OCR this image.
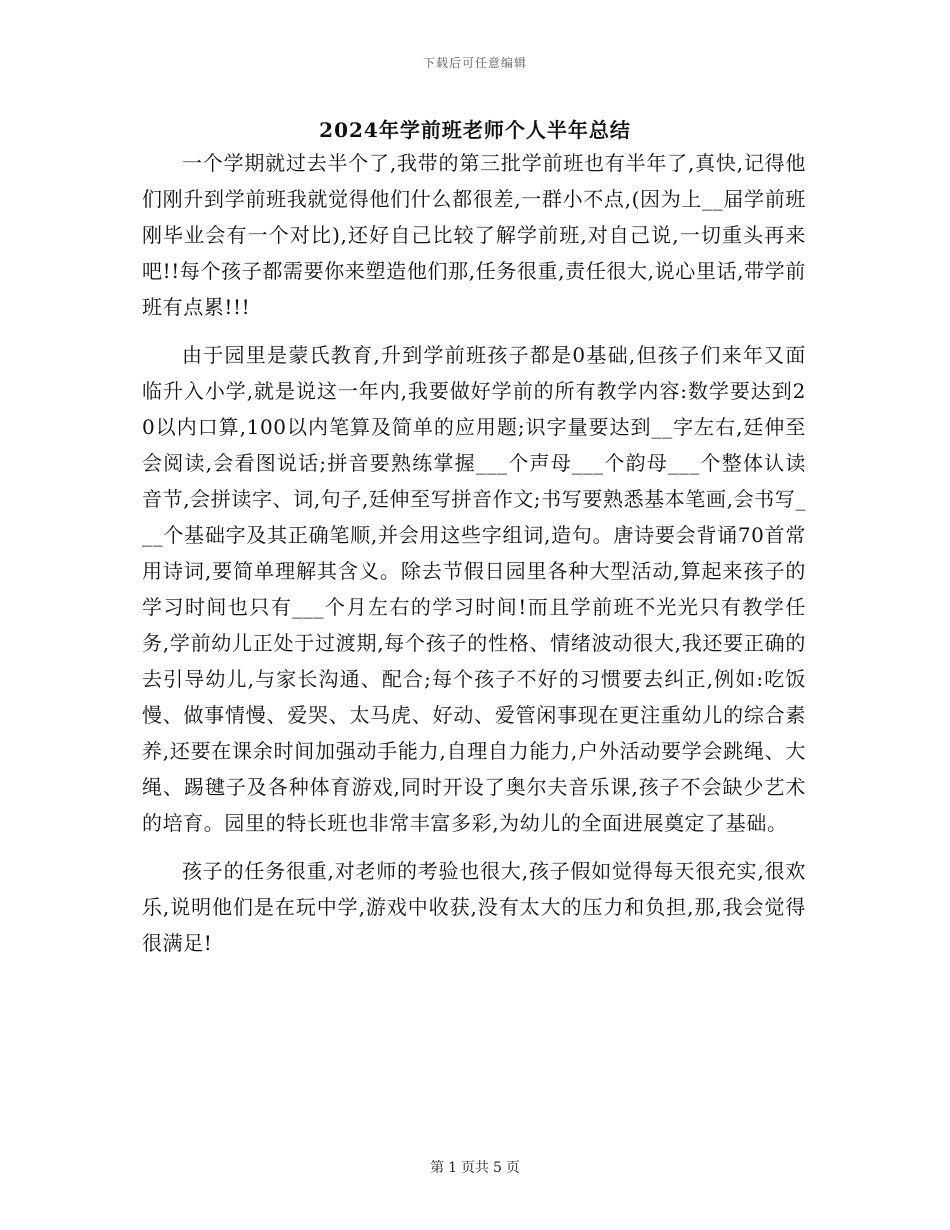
下载后可任意编辑
2024年学前班老师个人半年总结

一个学期就过去半个了,我带的第三批学前班也有半年了,真快,记得他们刚升到学前班我就觉得他们什么都很差,一群小不点,(因为上__届学前班刚毕业会有一个对比),还好自己比较了解学前班,对自己说,一切重头再来吧!!每个孩子都需要你来塑造他们那,任务很重,责任很大,说心里话,带学前班有点累!!!

由于园里是蒙氏教育,升到学前班孩子都是0基础,但孩子们来年又面临升入小学,就是说这一年内,我要做好学前的所有教学内容:数学要达到20以内口算,100以内笔算及简单的应用题;识字量要达到__字左右,廷伸至会阅读,会看图说话;拼音要熟练掌握___个声母___个韵母___个整体认读音节,会拼读字、词,句子,廷伸至写拼音作文;书写要熟悉基本笔画,会书写___个基础字及其正确笔顺,并会用这些字组词,造句。唐诗要会背诵70首常用诗词,要简单理解其含义。除去节假日园里各种大型活动,算起来孩子的学习时间也只有___个月左右的学习时间!而且学前班不光光只有教学任务,学前幼儿正处于过渡期,每个孩子的性格、情绪波动很大,我还要正确的去引导幼儿,与家长沟通、配合;每个孩子不好的习惯要去纠正,例如:吃饭慢、做事情慢、爱哭、太马虎、好动、爱管闲事现在更注重幼儿的综合素养,还要在课余时间加强动手能力,自理自力能力,户外活动要学会跳绳、大绳、踢毽子及各种体育游戏,同时开设了奥尔夫音乐课,孩子不会缺少艺术的培育。园里的特长班也非常丰富多彩,为幼儿的全面进展奠定了基础。

孩子的任务很重,对老师的考验也很大,孩子假如觉得每天很充实,很欢乐,说明他们是在玩中学,游戏中收获,没有太大的压力和负担,那,我会觉得很满足!

第 1 页共 5 页
